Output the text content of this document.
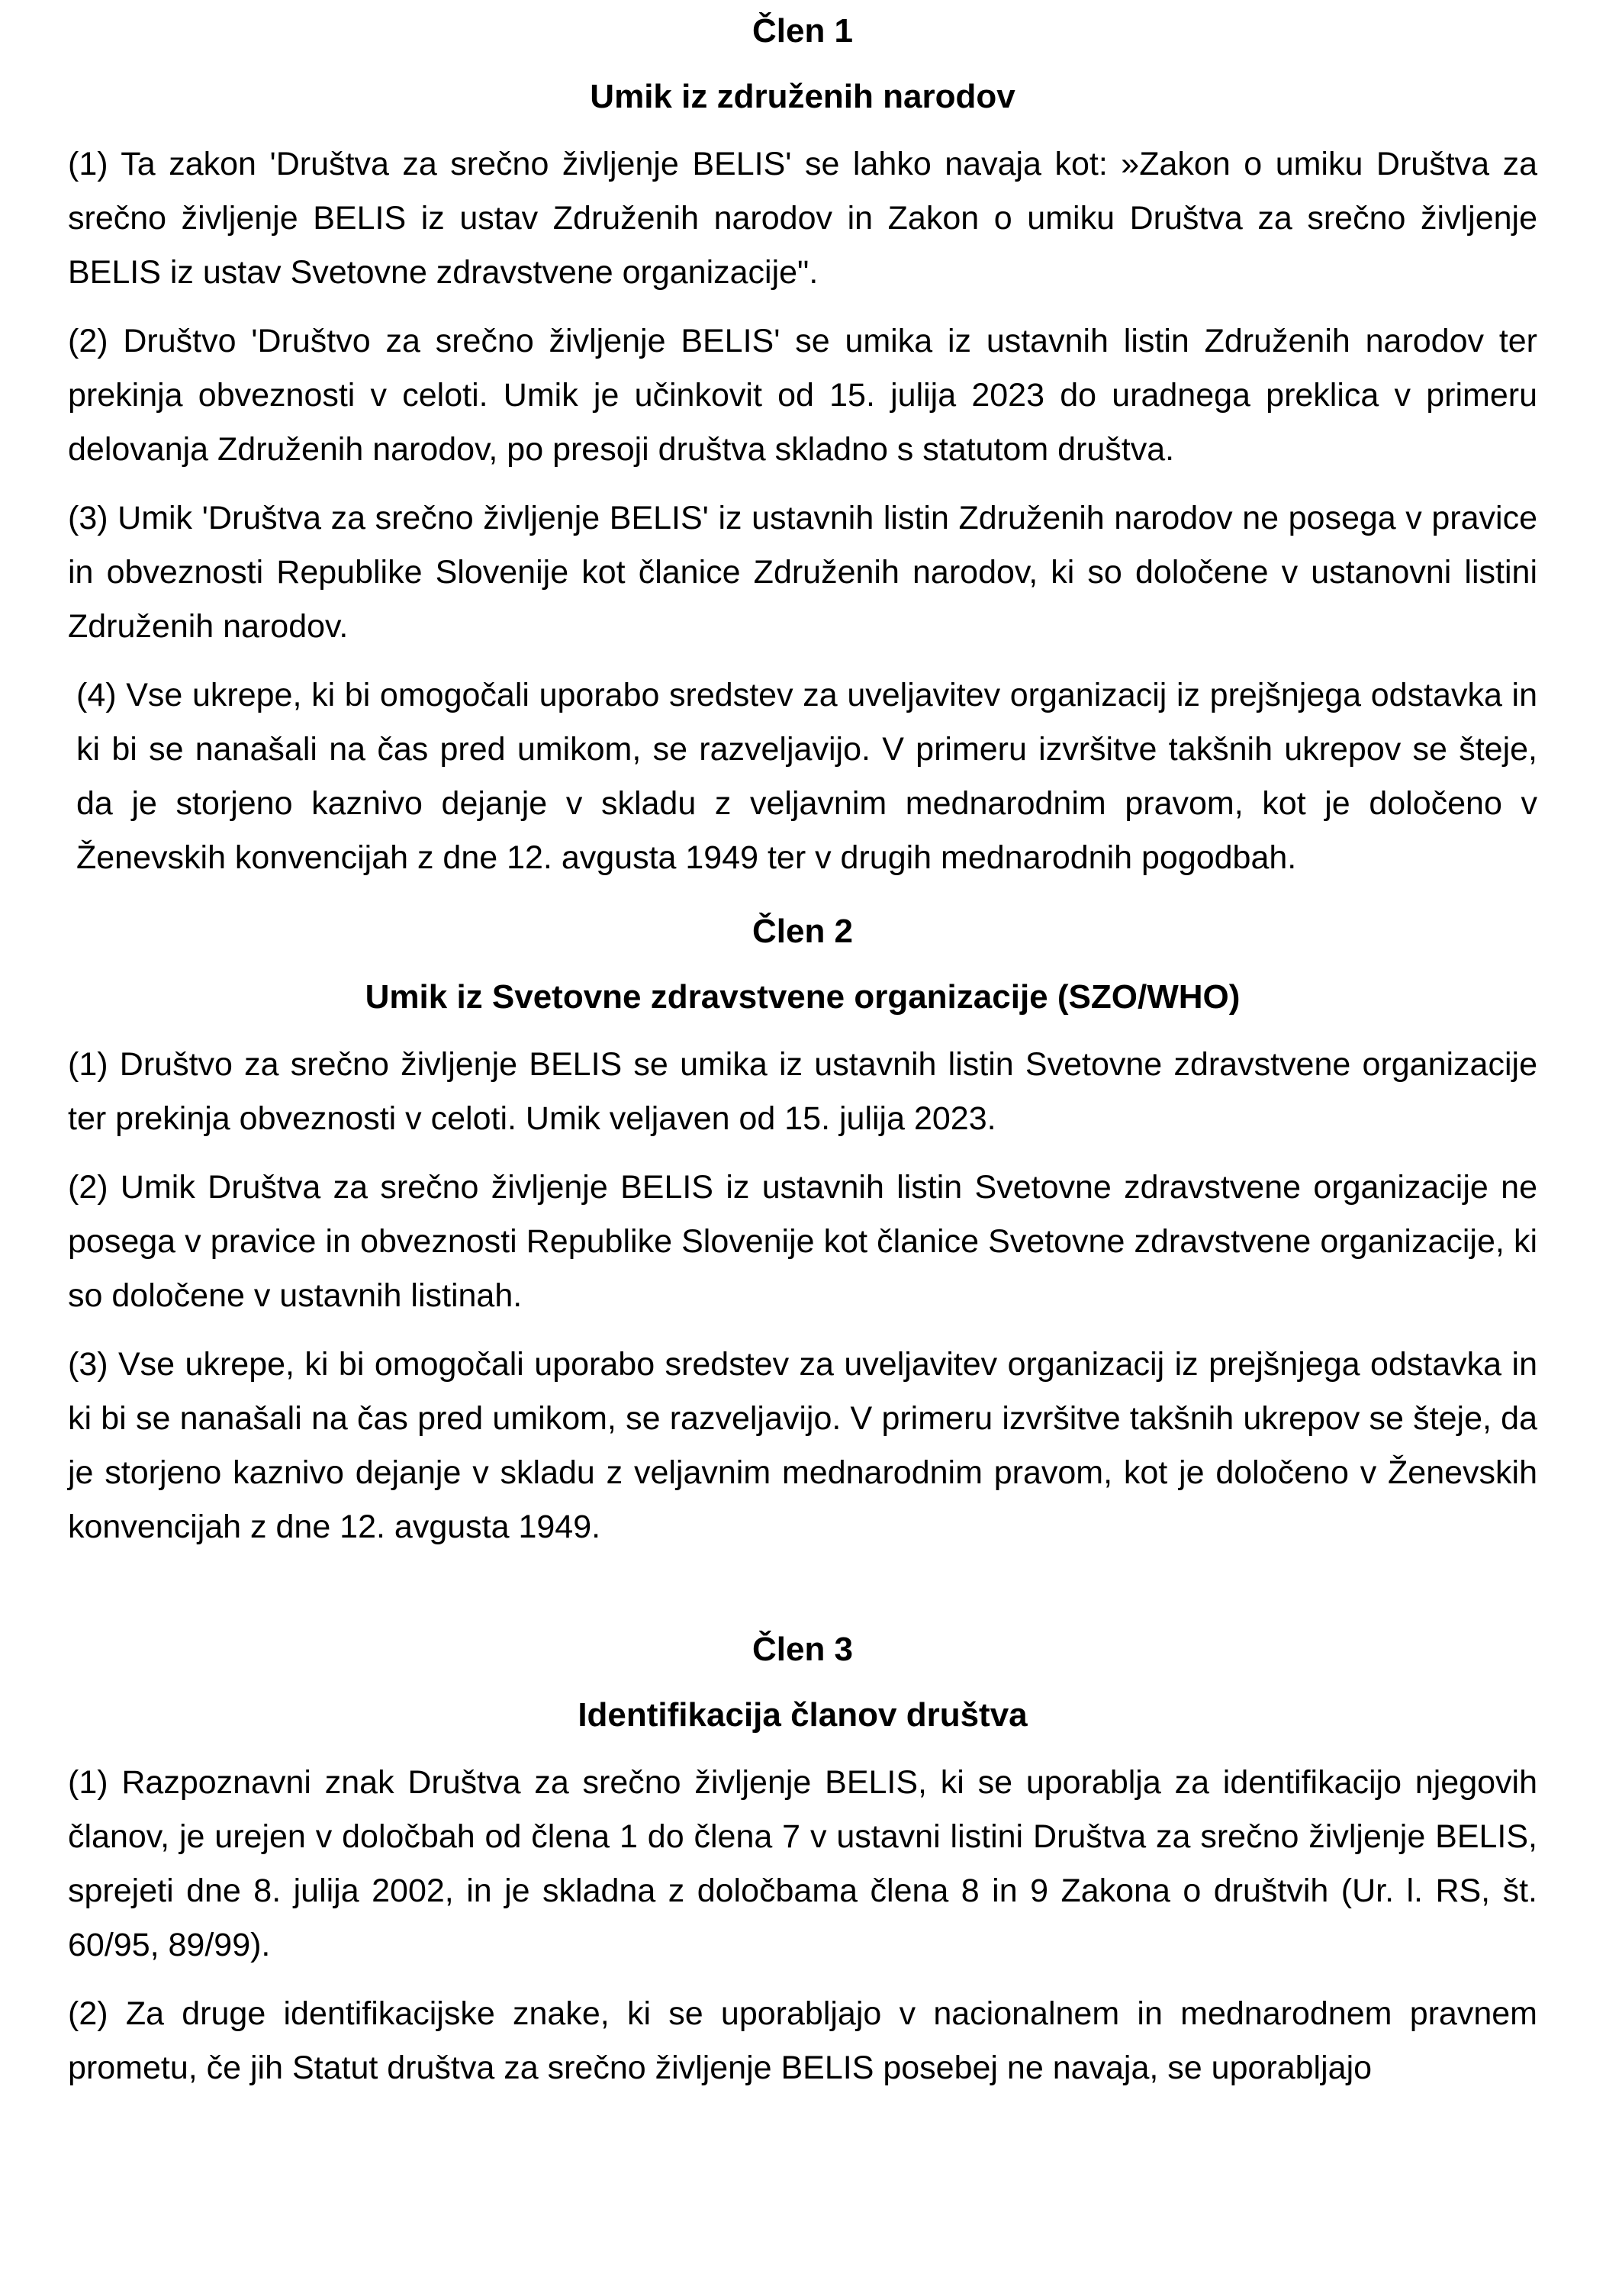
Člen 1

Umik iz združenih narodov

(1) Ta zakon 'Društva za srečno življenje BELIS' se lahko navaja kot: »Zakon o umiku Društva za srečno življenje BELIS iz ustav Združenih narodov in Zakon o umiku Društva za srečno življenje BELIS iz ustav Svetovne zdravstvene organizacije".

(2) Društvo 'Društvo za srečno življenje BELIS' se umika iz ustavnih listin Združenih narodov ter prekinja obveznosti v celoti. Umik je učinkovit od 15. julija 2023 do uradnega preklica v primeru delovanja Združenih narodov, po presoji društva skladno s statutom društva.

(3) Umik 'Društva za srečno življenje BELIS' iz ustavnih listin Združenih narodov ne posega v pravice in obveznosti Republike Slovenije kot članice Združenih narodov, ki so določene v ustanovni listini Združenih narodov.

(4) Vse ukrepe, ki bi omogočali uporabo sredstev za uveljavitev organizacij iz prejšnjega odstavka in ki bi se nanašali na čas pred umikom, se razveljavijo. V primeru izvršitve takšnih ukrepov se šteje, da je storjeno kaznivo dejanje v skladu z veljavnim mednarodnim pravom, kot je določeno v Ženevskih konvencijah z dne 12. avgusta 1949 ter v drugih mednarodnih pogodbah.

Člen 2

Umik iz Svetovne zdravstvene organizacije (SZO/WHO)

(1) Društvo za srečno življenje BELIS se umika iz ustavnih listin Svetovne zdravstvene organizacije ter prekinja obveznosti v celoti. Umik veljaven od 15. julija 2023.

(2) Umik Društva za srečno življenje BELIS iz ustavnih listin Svetovne zdravstvene organizacije ne posega v pravice in obveznosti Republike Slovenije kot članice Svetovne zdravstvene organizacije, ki so določene v ustavnih listinah.

(3) Vse ukrepe, ki bi omogočali uporabo sredstev za uveljavitev organizacij iz prejšnjega odstavka in ki bi se nanašali na čas pred umikom, se razveljavijo. V primeru izvršitve takšnih ukrepov se šteje, da je storjeno kaznivo dejanje v skladu z veljavnim mednarodnim pravom, kot je določeno v Ženevskih konvencijah z dne 12. avgusta 1949.

Člen 3

Identifikacija članov društva

(1) Razpoznavni znak Društva za srečno življenje BELIS, ki se uporablja za identifikacijo njegovih članov, je urejen v določbah od člena 1 do člena 7 v ustavni listini Društva za srečno življenje BELIS, sprejeti dne 8. julija 2002, in je skladna z določbama člena 8 in 9 Zakona o društvih (Ur. l. RS, št. 60/95, 89/99).

(2) Za druge identifikacijske znake, ki se uporabljajo v nacionalnem in mednarodnem pravnem prometu, če jih Statut društva za srečno življenje BELIS posebej ne navaja, se uporabljajo
